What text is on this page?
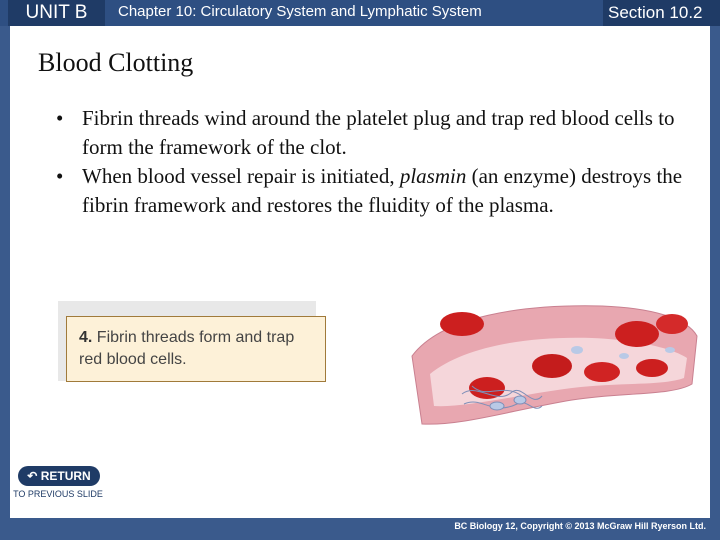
UNIT B	Chapter 10: Circulatory System and Lymphatic System	Section 10.2
Blood Clotting
• Fibrin threads wind around the platelet plug and trap red blood cells to form the framework of the clot.
• When blood vessel repair is initiated, plasmin (an enzyme) destroys the fibrin framework and restores the fluidity of the plasma.
4. Fibrin threads form and trap red blood cells.
↶ RETURN
TO PREVIOUS SLIDE
BC Biology 12, Copyright © 2013 McGraw Hill Ryerson Ltd.
